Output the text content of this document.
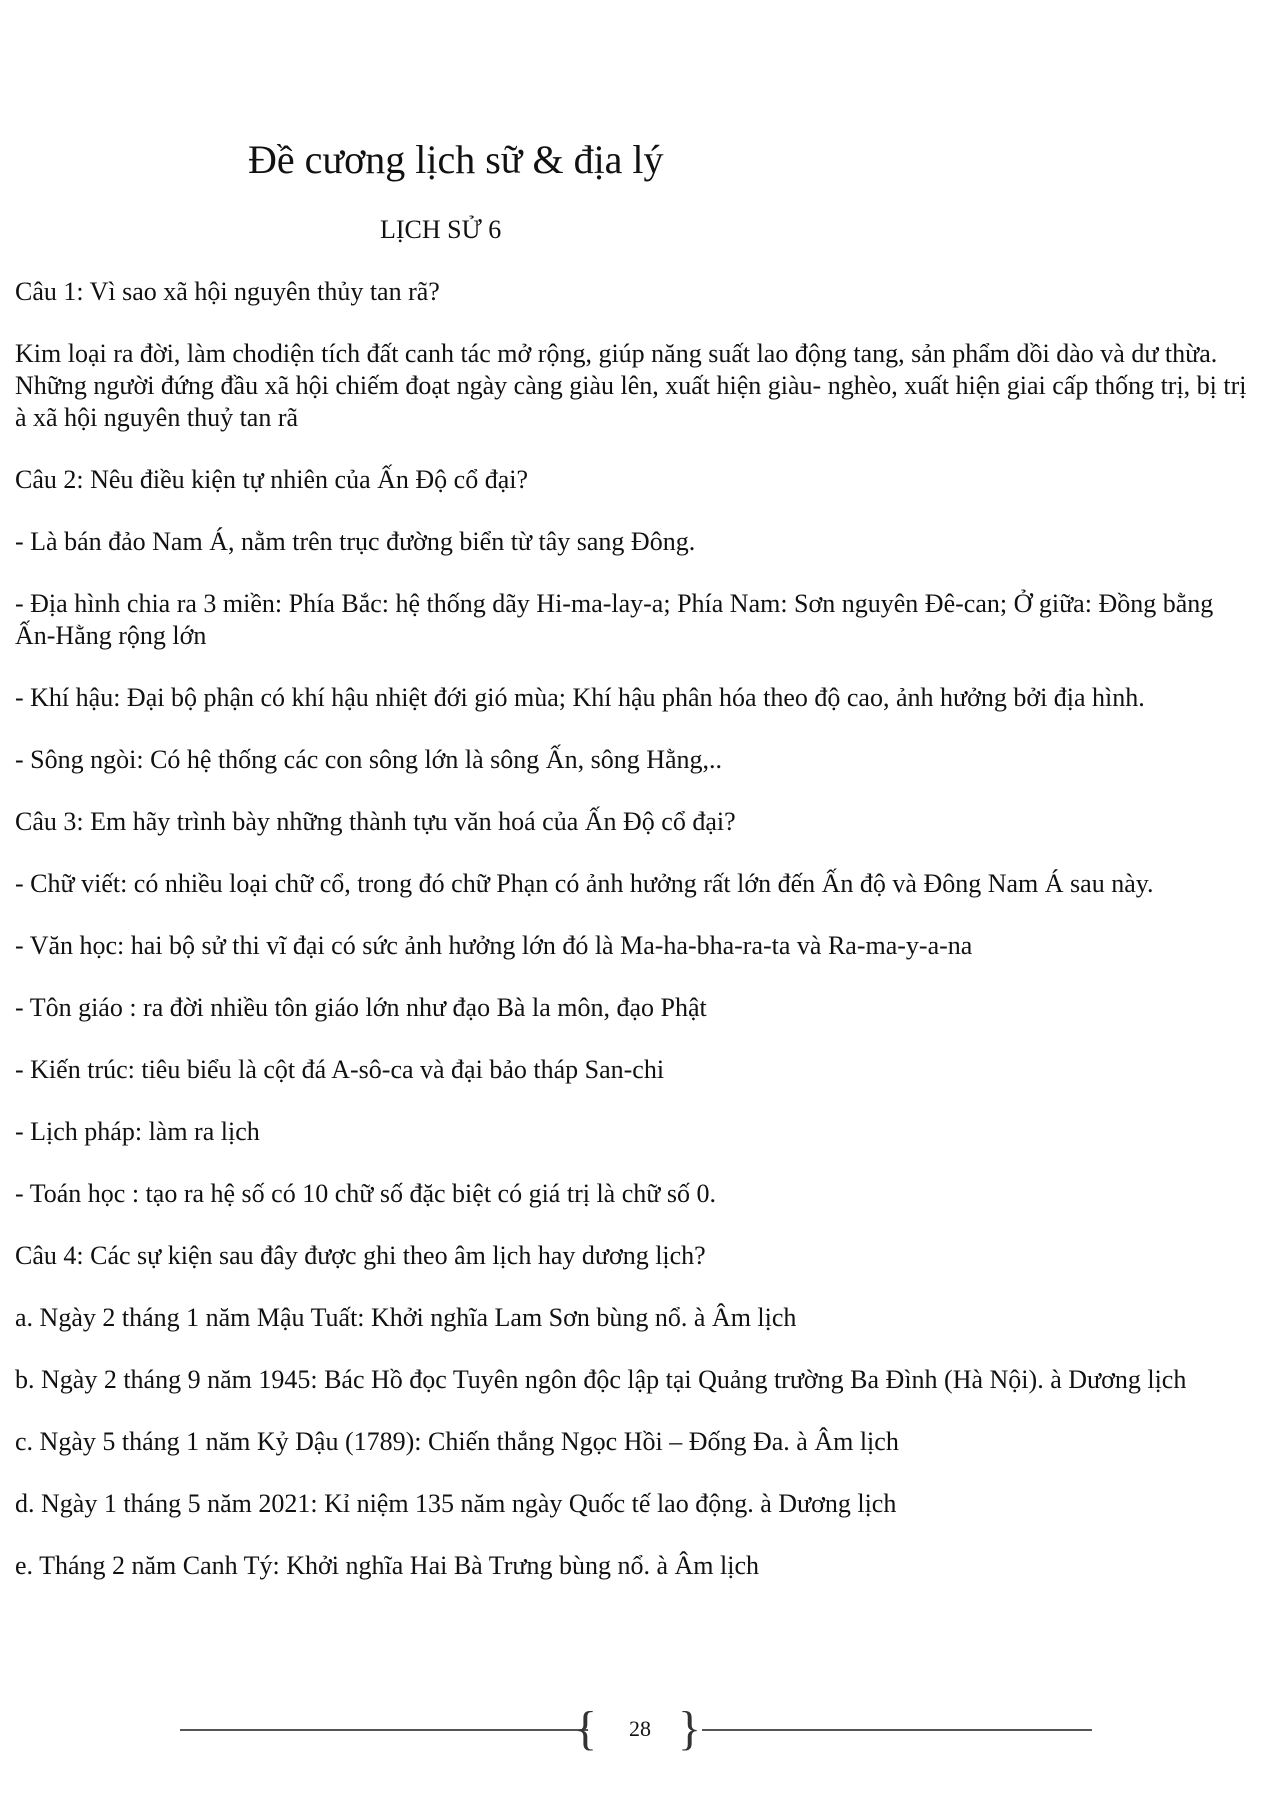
Đề cương lịch sữ & địa lý
LỊCH SỬ 6

Câu 1: Vì sao xã hội nguyên thủy tan rã?

Kim loại ra đời, làm chodiện tích đất canh tác mở rộng, giúp năng suất lao động tang, sản phẩm dồi dào và dư thừa. Những người đứng đầu xã hội chiếm đoạt ngày càng giàu lên, xuất hiện giàu- nghèo, xuất hiện giai cấp thống trị, bị trị à xã hội nguyên thuỷ tan rã

Câu 2: Nêu điều kiện tự nhiên của Ấn Độ cổ đại?

- Là bán đảo Nam Á, nằm trên trục đường biển từ tây sang Đông.

- Địa hình chia ra 3 miền: Phía Bắc: hệ thống dãy Hi-ma-lay-a; Phía Nam: Sơn nguyên Đê-can; Ở giữa: Đồng bằng Ấn-Hằng rộng lớn

- Khí hậu: Đại bộ phận có khí hậu nhiệt đới gió mùa; Khí hậu phân hóa theo độ cao, ảnh hưởng bởi địa hình.

- Sông ngòi: Có hệ thống các con sông lớn là sông Ấn, sông Hằng,..

Câu 3: Em hãy trình bày những thành tựu văn hoá của Ấn Độ cổ đại?

- Chữ viết: có nhiều loại chữ cổ, trong đó chữ Phạn có ảnh hưởng rất lớn đến Ấn độ và Đông Nam Á sau này.

- Văn học: hai bộ sử thi vĩ đại có sức ảnh hưởng lớn đó là Ma-ha-bha-ra-ta và Ra-ma-y-a-na

- Tôn giáo : ra đời nhiều tôn giáo lớn như đạo Bà la môn, đạo Phật

- Kiến trúc: tiêu biểu là cột đá A-sô-ca và đại bảo tháp San-chi

- Lịch pháp: làm ra lịch

- Toán học : tạo ra hệ số có 10 chữ số đặc biệt có giá trị là chữ số 0.

Câu 4: Các sự kiện sau đây được ghi theo âm lịch hay dương lịch?

a. Ngày 2 tháng 1 năm Mậu Tuất: Khởi nghĩa Lam Sơn bùng nổ. à Âm lịch

b. Ngày 2 tháng 9 năm 1945: Bác Hồ đọc Tuyên ngôn độc lập tại Quảng trường Ba Đình (Hà Nội). à Dương lịch

c. Ngày 5 tháng 1 năm Kỷ Dậu (1789): Chiến thắng Ngọc Hồi – Đống Đa. à Âm lịch

d. Ngày 1 tháng 5 năm 2021: Kỉ niệm 135 năm ngày Quốc tế lao động. à Dương lịch

e. Tháng 2 năm Canh Tý: Khởi nghĩa Hai Bà Trưng bùng nổ. à Âm lịch

{	28 }
